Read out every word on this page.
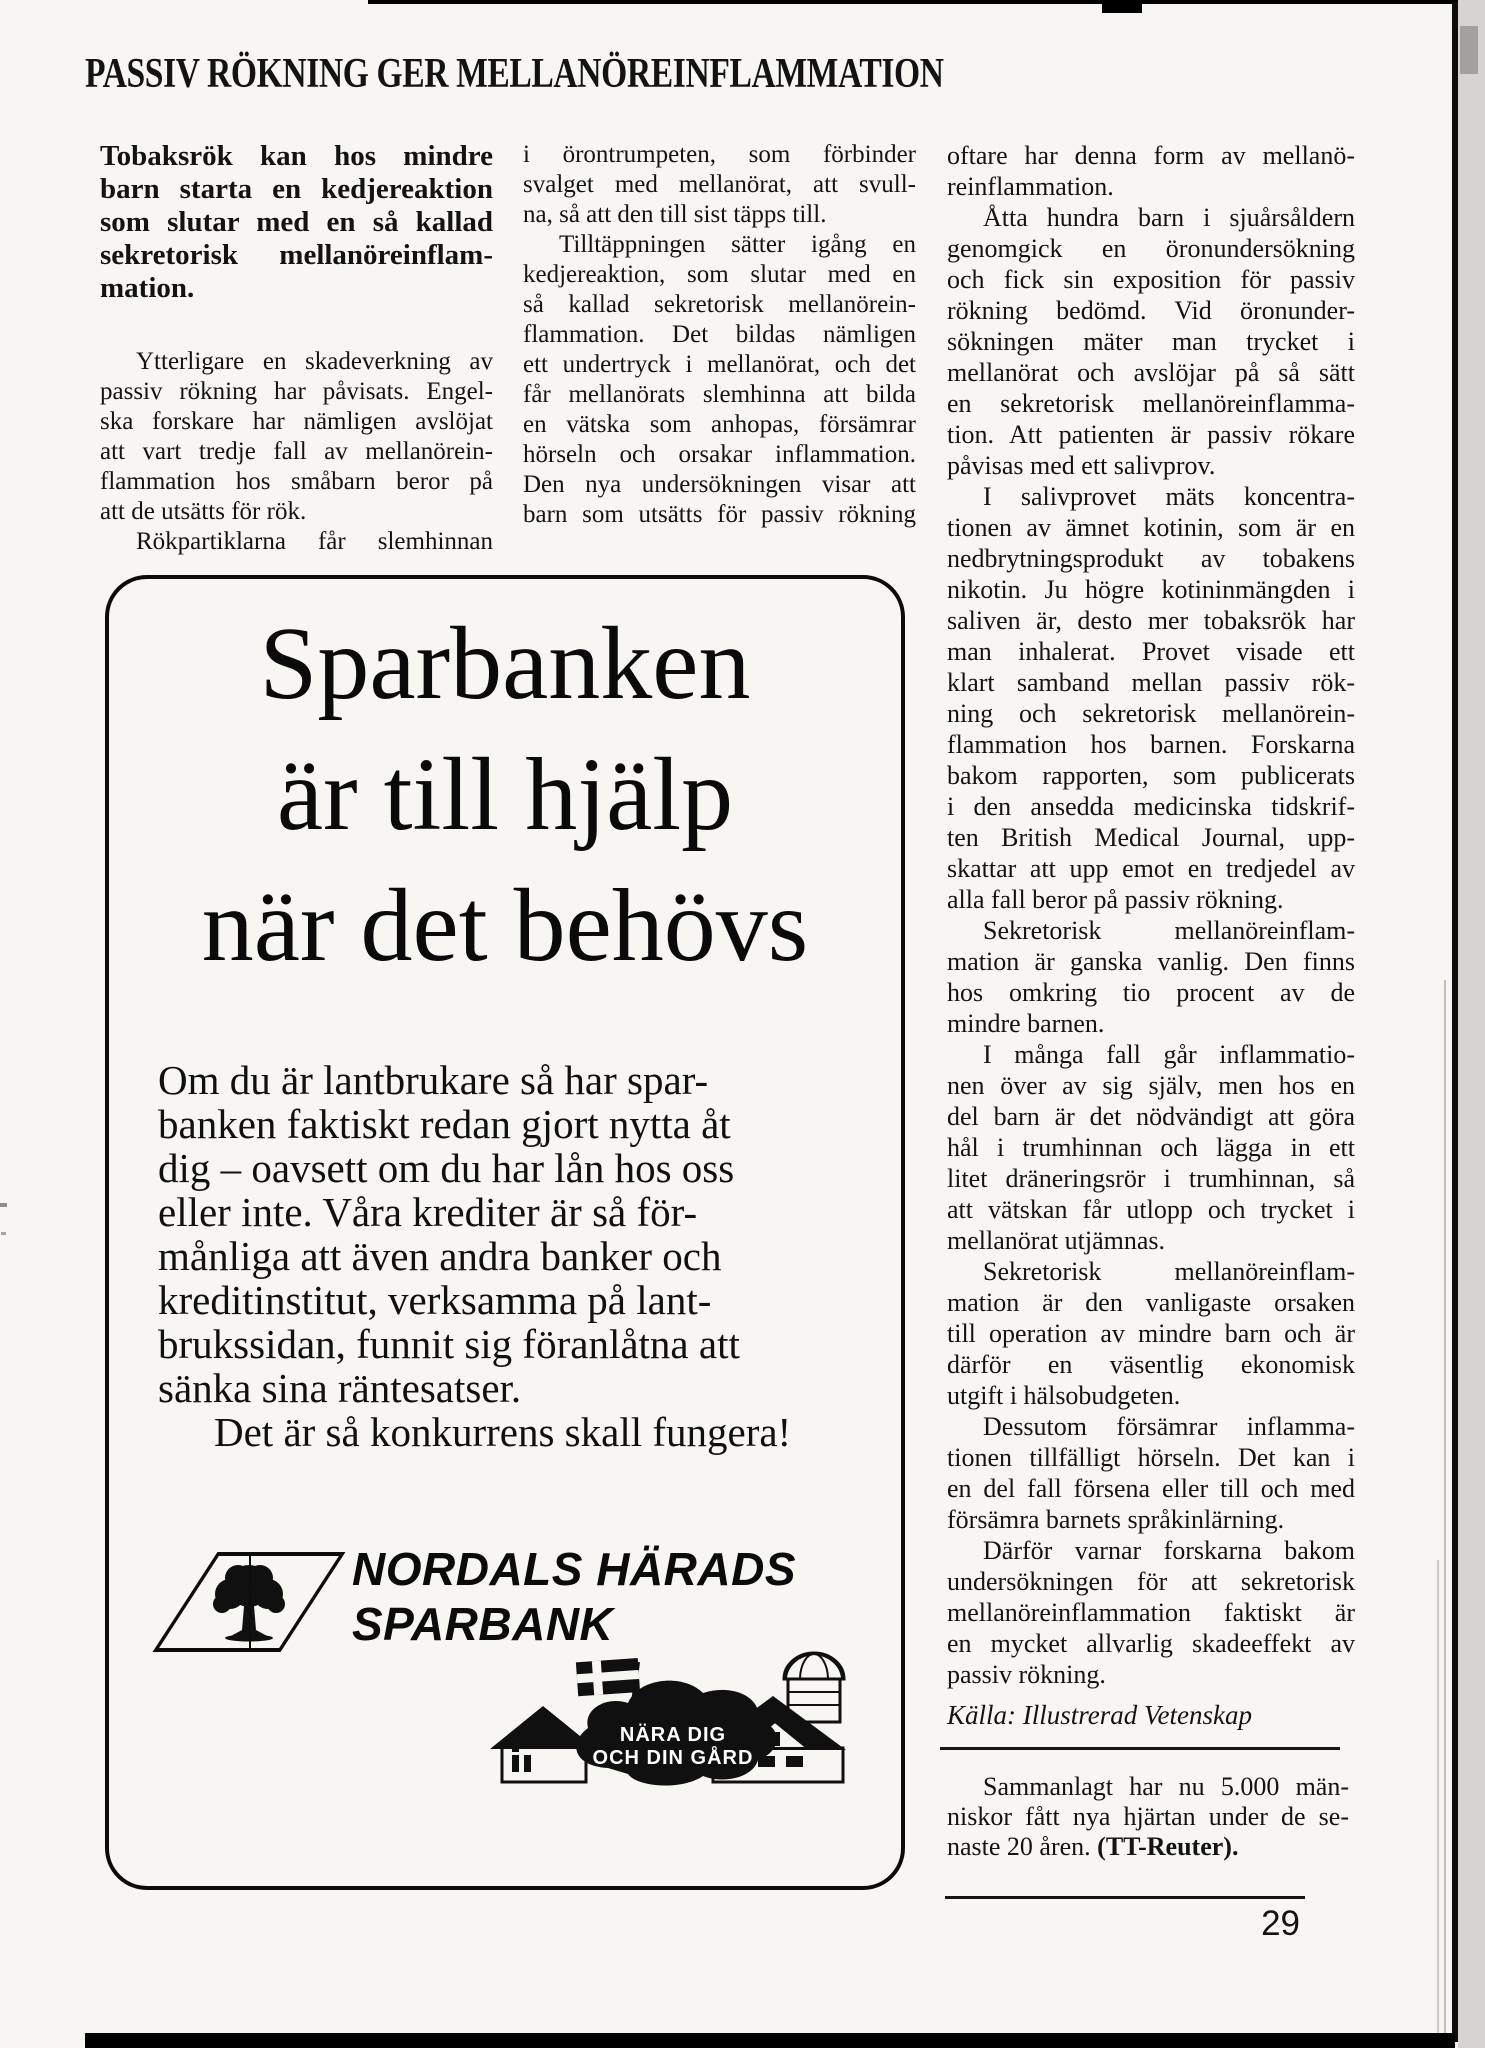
PASSIV RÖKNING GER MELLANÖREINFLAMMATION
Tobaksrök kan hos mindre
barn starta en kedjereaktion
som slutar med en så kallad
sekretorisk mellanöreinflam-
mation.
Ytterligare en skadeverkning av
passiv rökning har påvisats. Engel-
ska forskare har nämligen avslöjat
att vart tredje fall av mellanörein-
flammation hos småbarn beror på
att de utsätts för rök.
Rökpartiklarna får slemhinnan
i örontrumpeten, som förbinder
svalget med mellanörat, att svull-
na, så att den till sist täpps till.
Tilltäppningen sätter igång en
kedjereaktion, som slutar med en
så kallad sekretorisk mellanörein-
flammation. Det bildas nämligen
ett undertryck i mellanörat, och det
får mellanörats slemhinna att bilda
en vätska som anhopas, försämrar
hörseln och orsakar inflammation.
Den nya undersökningen visar att
barn som utsätts för passiv rökning
oftare har denna form av mellanö-
reinflammation.
Åtta hundra barn i sjuårsåldern
genomgick en öronundersökning
och fick sin exposition för passiv
rökning bedömd. Vid öronunder-
sökningen mäter man trycket i
mellanörat och avslöjar på så sätt
en sekretorisk mellanöreinflamma-
tion. Att patienten är passiv rökare
påvisas med ett salivprov.
I salivprovet mäts koncentra-
tionen av ämnet kotinin, som är en
nedbrytningsprodukt av tobakens
nikotin. Ju högre kotininmängden i
saliven är, desto mer tobaksrök har
man inhalerat. Provet visade ett
klart samband mellan passiv rök-
ning och sekretorisk mellanörein-
flammation hos barnen. Forskarna
bakom rapporten, som publicerats
i den ansedda medicinska tidskrif-
ten British Medical Journal, upp-
skattar att upp emot en tredjedel av
alla fall beror på passiv rökning.
Sekretorisk mellanöreinflam-
mation är ganska vanlig. Den finns
hos omkring tio procent av de
mindre barnen.
I många fall går inflammatio-
nen över av sig själv, men hos en
del barn är det nödvändigt att göra
hål i trumhinnan och lägga in ett
litet dräneringsrör i trumhinnan, så
att vätskan får utlopp och trycket i
mellanörat utjämnas.
Sekretorisk mellanöreinflam-
mation är den vanligaste orsaken
till operation av mindre barn och är
därför en väsentlig ekonomisk
utgift i hälsobudgeten.
Dessutom försämrar inflamma-
tionen tillfälligt hörseln. Det kan i
en del fall försena eller till och med
försämra barnets språkinlärning.
Därför varnar forskarna bakom
undersökningen för att sekretorisk
mellanöreinflammation faktiskt är
en mycket allvarlig skadeeffekt av
passiv rökning.
Källa: Illustrerad Vetenskap
Sammanlagt har nu 5.000 män-
niskor fått nya hjärtan under de se-
naste 20 åren. (TT-Reuter).
29
Sparbanken
är till hjälp
när det behövs
Om du är lantbrukare så har spar-
banken faktiskt redan gjort nytta åt
dig – oavsett om du har lån hos oss
eller inte. Våra krediter är så för-
månliga att även andra banker och
kreditinstitut, verksamma på lant-
brukssidan, funnit sig föranlåtna att
sänka sina räntesatser.
Det är så konkurrens skall fungera!
NORDALS HÄRADS
SPARBANK
NÄRA DIG
OCH DIN GÅRD
